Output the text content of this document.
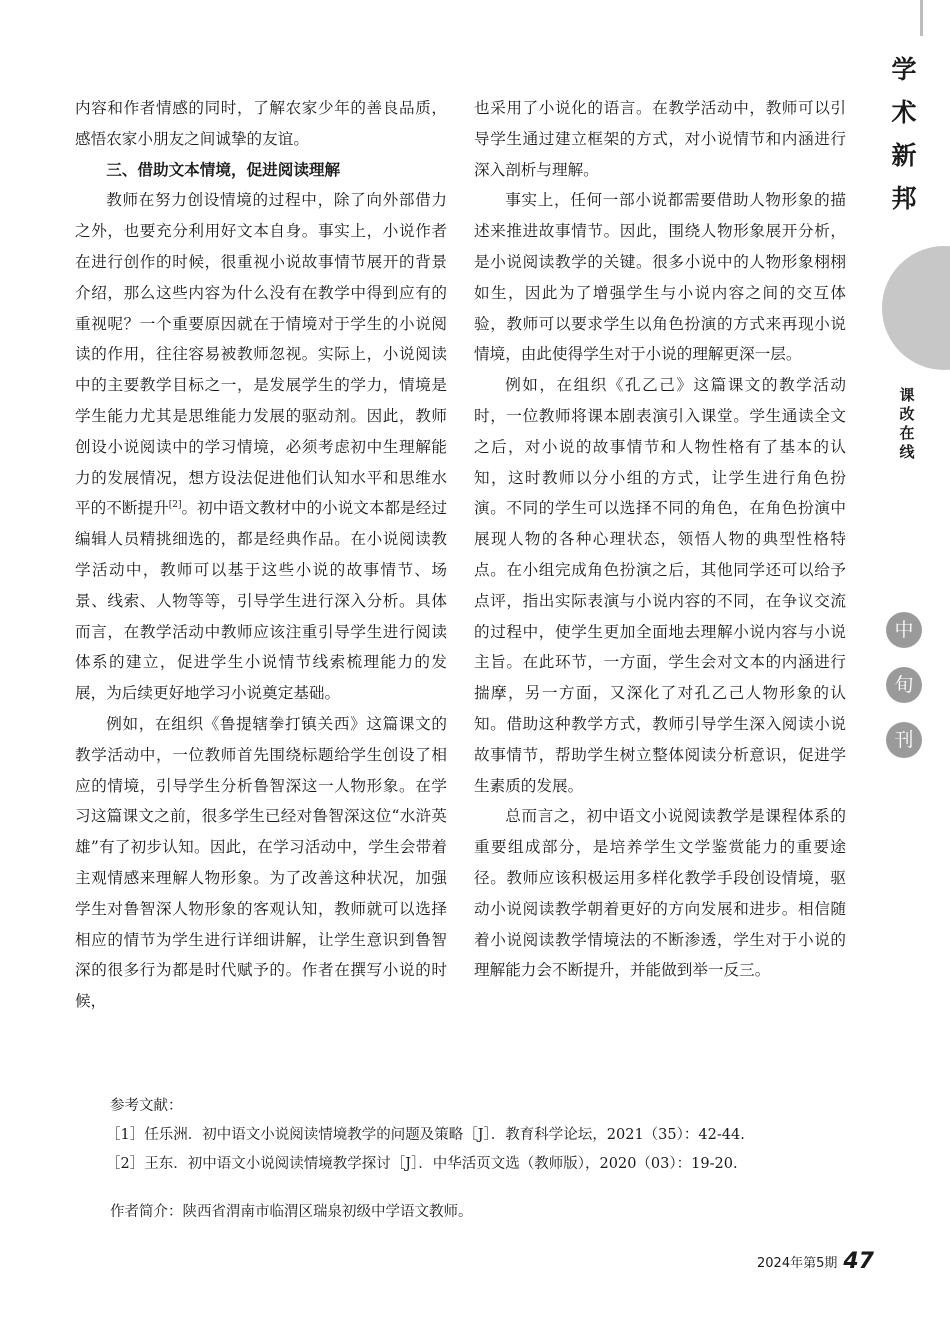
内容和作者情感的同时，了解农家少年的善良品质，感悟农家小朋友之间诚挚的友谊。

三、借助文本情境，促进阅读理解

教师在努力创设情境的过程中，除了向外部借力之外，也要充分利用好文本自身。事实上，小说作者在进行创作的时候，很重视小说故事情节展开的背景介绍，那么这些内容为什么没有在教学中得到应有的重视呢？一个重要原因就在于情境对于学生的小说阅读的作用，往往容易被教师忽视。实际上，小说阅读中的主要教学目标之一，是发展学生的学力，情境是学生能力尤其是思维能力发展的驱动剂。因此，教师创设小说阅读中的学习情境，必须考虑初中生理解能力的发展情况，想方设法促进他们认知水平和思维水平的不断提升[2]。初中语文教材中的小说文本都是经过编辑人员精挑细选的，都是经典作品。在小说阅读教学活动中，教师可以基于这些小说的故事情节、场景、线索、人物等等，引导学生进行深入分析。具体而言，在教学活动中教师应该注重引导学生进行阅读体系的建立，促进学生小说情节线索梳理能力的发展，为后续更好地学习小说奠定基础。

例如，在组织《鲁提辖拳打镇关西》这篇课文的教学活动中，一位教师首先围绕标题给学生创设了相应的情境，引导学生分析鲁智深这一人物形象。在学习这篇课文之前，很多学生已经对鲁智深这位“水浒英雄”有了初步认知。因此，在学习活动中，学生会带着主观情感来理解人物形象。为了改善这种状况，加强学生对鲁智深人物形象的客观认知，教师就可以选择相应的情节为学生进行详细讲解，让学生意识到鲁智深的很多行为都是时代赋予的。作者在撰写小说的时候，

也采用了小说化的语言。在教学活动中，教师可以引导学生通过建立框架的方式，对小说情节和内涵进行深入剖析与理解。

事实上，任何一部小说都需要借助人物形象的描述来推进故事情节。因此，围绕人物形象展开分析，是小说阅读教学的关键。很多小说中的人物形象栩栩如生，因此为了增强学生与小说内容之间的交互体验，教师可以要求学生以角色扮演的方式来再现小说情境，由此使得学生对于小说的理解更深一层。

例如，在组织《孔乙己》这篇课文的教学活动时，一位教师将课本剧表演引入课堂。学生通读全文之后，对小说的故事情节和人物性格有了基本的认知，这时教师以分小组的方式，让学生进行角色扮演。不同的学生可以选择不同的角色，在角色扮演中展现人物的各种心理状态，领悟人物的典型性格特点。在小组完成角色扮演之后，其他同学还可以给予点评，指出实际表演与小说内容的不同，在争议交流的过程中，使学生更加全面地去理解小说内容与小说主旨。在此环节，一方面，学生会对文本的内涵进行揣摩，另一方面，又深化了对孔乙己人物形象的认知。借助这种教学方式，教师引导学生深入阅读小说故事情节，帮助学生树立整体阅读分析意识，促进学生素质的发展。

总而言之，初中语文小说阅读教学是课程体系的重要组成部分，是培养学生文学鉴赏能力的重要途径。教师应该积极运用多样化教学手段创设情境，驱动小说阅读教学朝着更好的方向发展和进步。相信随着小说阅读教学情境法的不断渗透，学生对于小说的理解能力会不断提升，并能做到举一反三。

参考文献：
［1］任乐洲．初中语文小说阅读情境教学的问题及策略［J］．教育科学论坛，2021（35）：42-44.
［2］王东．初中语文小说阅读情境教学探讨［J］．中华活页文选（教师版），2020（03）：19-20.
作者简介：陕西省渭南市临渭区瑞泉初级中学语文教师。
2024年第5期 47
学
术
新
邦
课
改
在
线
中
旬
刊
